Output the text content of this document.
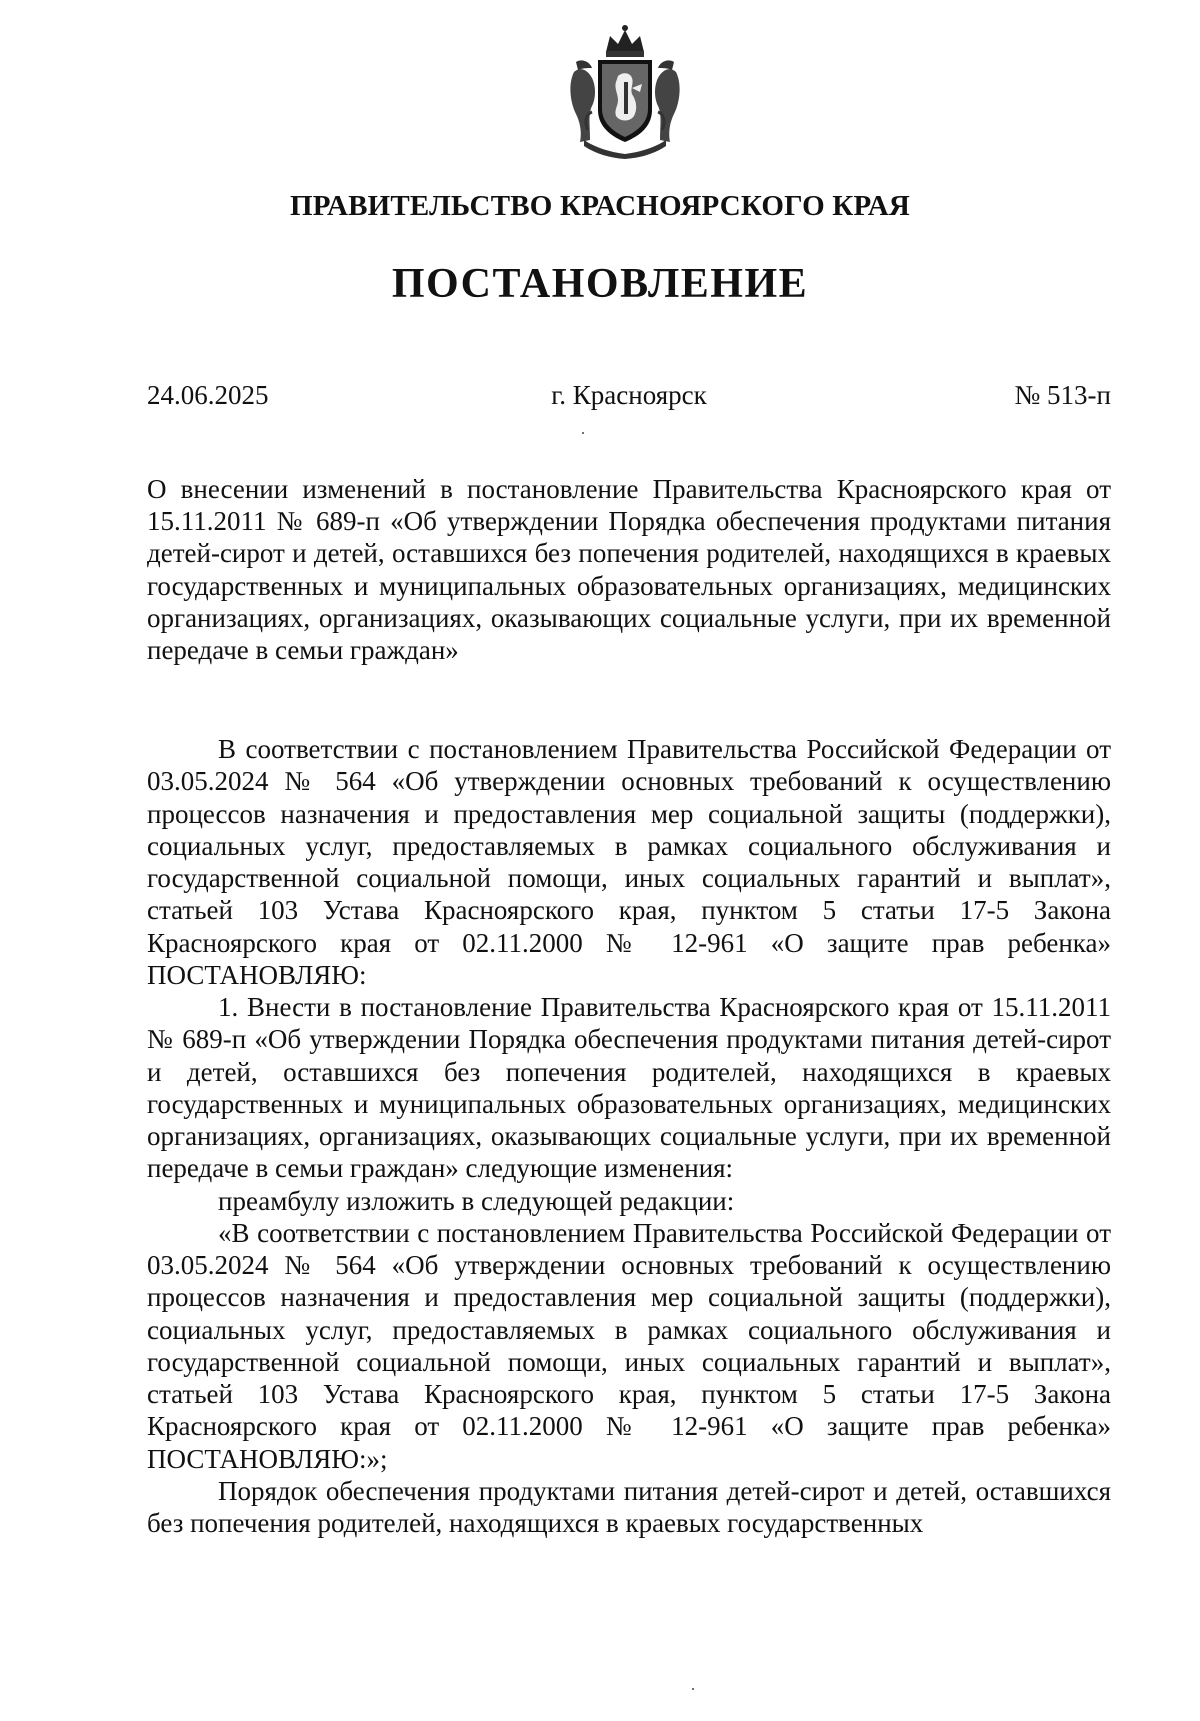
ПРАВИТЕЛЬСТВО КРАСНОЯРСКОГО КРАЯ
ПОСТАНОВЛЕНИЕ
24.06.2025	г. Красноярск	№ 513-п
О внесении изменений в постановление Правительства Красноярского края от 15.11.2011 № 689-п «Об утверждении Порядка обеспечения продуктами питания детей-сирот и детей, оставшихся без попечения родителей, находящихся в краевых государственных и муниципальных образовательных организациях, медицинских организациях, организациях, оказывающих социальные услуги, при их временной передаче в семьи граждан»

В соответствии с постановлением Правительства Российской Федерации от 03.05.2024 № 564 «Об утверждении основных требований к осуществлению процессов назначения и предоставления мер социальной защиты (поддержки), социальных услуг, предоставляемых в рамках социального обслуживания и государственной социальной помощи, иных социальных гарантий и выплат», статьей 103 Устава Красноярского края, пунктом 5 статьи 17-5 Закона Красноярского края от 02.11.2000 № 12-961 «О защите прав ребенка» ПОСТАНОВЛЯЮ:

1. Внести в постановление Правительства Красноярского края от 15.11.2011 № 689-п «Об утверждении Порядка обеспечения продуктами питания детей-сирот и детей, оставшихся без попечения родителей, находящихся в краевых государственных и муниципальных образовательных организациях, медицинских организациях, организациях, оказывающих социальные услуги, при их временной передаче в семьи граждан» следующие изменения:

преамбулу изложить в следующей редакции:

«В соответствии с постановлением Правительства Российской Федерации от 03.05.2024 № 564 «Об утверждении основных требований к осуществлению процессов назначения и предоставления мер социальной защиты (поддержки), социальных услуг, предоставляемых в рамках социального обслуживания и государственной социальной помощи, иных социальных гарантий и выплат», статьей 103 Устава Красноярского края, пунктом 5 статьи 17-5 Закона Красноярского края от 02.11.2000 № 12-961 «О защите прав ребенка» ПОСТАНОВЛЯЮ:»;

Порядок обеспечения продуктами питания детей-сирот и детей, оставшихся без попечения родителей, находящихся в краевых государственных
